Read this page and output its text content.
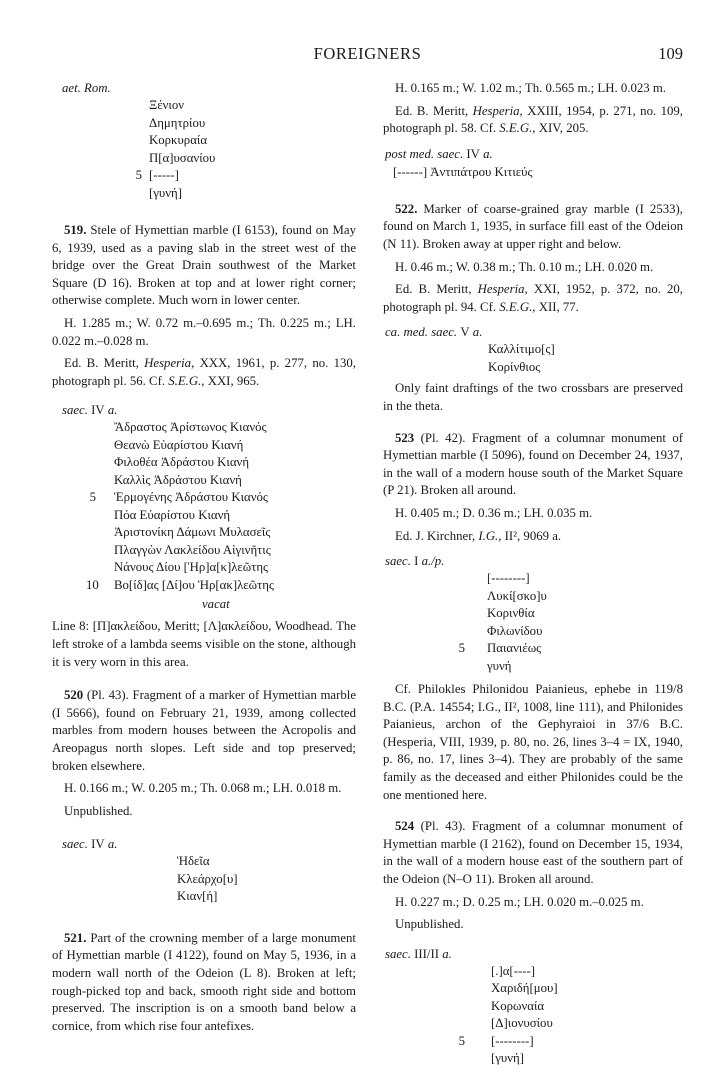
FOREIGNERS	109
aet. Rom.
Ξένιον
Δημητρίου
Κορκυραία
Π[α]υσανίου
5 [-----]
[γυνή]

519. Stele of Hymettian marble (I 6153), found on May 6, 1939, used as a paving slab in the street west of the bridge over the Great Drain southwest of the Market Square (D 16). Broken at top and at lower right corner; otherwise complete. Much worn in lower center.

H. 1.285 m.; W. 0.72 m.–0.695 m.; Th. 0.225 m.; LH. 0.022 m.–0.028 m.

Ed. B. Meritt, Hesperia, XXX, 1961, p. 277, no. 130, photograph pl. 56. Cf. S.E.G., XXI, 965.

saec. IV a.
Ἄδραστος Ἀρίστωνος Κιανός
Θεανὼ Εὐαρίστου Κιανή
Φιλοθέα Ἀδράστου Κιανή
Καλλὶς Ἀδράστου Κιανή
5 Ἑρμογένης Ἀδράστου Κιανός
Πόα Εὐαρίστου Κιανή
Ἀριστονίκη Δάμωνι Μυλασεῖς
Πλαγγὼν Λακλείδου Αἰγινῆτις
Νάνους Δίου [Ἡρ]α[κ]λεῶτης
10 Βο[ίδ]ας [Δί]ου Ἡρ[ακ]λεῶτης
vacat

Line 8: [Π]ακλείδου, Meritt; [Λ]ακλείδου, Woodhead. The left stroke of a lambda seems visible on the stone, although it is very worn in this area.

520 (Pl. 43). Fragment of a marker of Hymettian marble (I 5666), found on February 21, 1939, among collected marbles from modern houses between the Acropolis and Areopagus north slopes. Left side and top preserved; broken elsewhere.

H. 0.166 m.; W. 0.205 m.; Th. 0.068 m.; LH. 0.018 m.

Unpublished.

saec. IV a.
Ἡδεῖα
Κλεάρχο[υ]
Κιαν[ή]

521. Part of the crowning member of a large monument of Hymettian marble (I 4122), found on May 5, 1936, in a modern wall north of the Odeion (L 8). Broken at left; rough-picked top and back, smooth right side and bottom preserved. The inscription is on a smooth band below a cornice, from which rise four antefixes.

H. 0.165 m.; W. 1.02 m.; Th. 0.565 m.; LH. 0.023 m.

Ed. B. Meritt, Hesperia, XXIII, 1954, p. 271, no. 109, photograph pl. 58. Cf. S.E.G., XIV, 205.

post med. saec. IV a.
[------] Ἀντιπάτρου Κιτιεύς

522. Marker of coarse-grained gray marble (I 2533), found on March 1, 1935, in surface fill east of the Odeion (N 11). Broken away at upper right and below.

H. 0.46 m.; W. 0.38 m.; Th. 0.10 m.; LH. 0.020 m.

Ed. B. Meritt, Hesperia, XXI, 1952, p. 372, no. 20, photograph pl. 94. Cf. S.E.G., XII, 77.

ca. med. saec. V a.
Καλλίτιμο[ς]
Κορίνθιος

Only faint draftings of the two crossbars are preserved in the theta.

523 (Pl. 42). Fragment of a columnar monument of Hymettian marble (I 5096), found on December 24, 1937, in the wall of a modern house south of the Market Square (P 21). Broken all around.

H. 0.405 m.; D. 0.36 m.; LH. 0.035 m.

Ed. J. Kirchner, I.G., II², 9069 a.

saec. I a./p.
[--------]
Λυκί[σκο]υ
Κορινθία
Φιλωνίδου
5 Παιανιέως
γυνή

Cf. Philokles Philonidou Paianieus, ephebe in 119/8 B.C. (P.A. 14554; I.G., II², 1008, line 111), and Philonides Paianieus, archon of the Gephyraioi in 37/6 B.C. (Hesperia, VIII, 1939, p. 80, no. 26, lines 3–4 = IX, 1940, p. 86, no. 17, lines 3–4). They are probably of the same family as the deceased and either Philonides could be the one mentioned here.

524 (Pl. 43). Fragment of a columnar monument of Hymettian marble (I 2162), found on December 15, 1934, in the wall of a modern house east of the southern part of the Odeion (N–O 11). Broken all around.

H. 0.227 m.; D. 0.25 m.; LH. 0.020 m.–0.025 m.

Unpublished.

saec. III/II a.
[.]α[----]
Χαριδή[μου]
Κορωναία
[Δ]ιονυσίου
5 [--------]
[γυνή]
